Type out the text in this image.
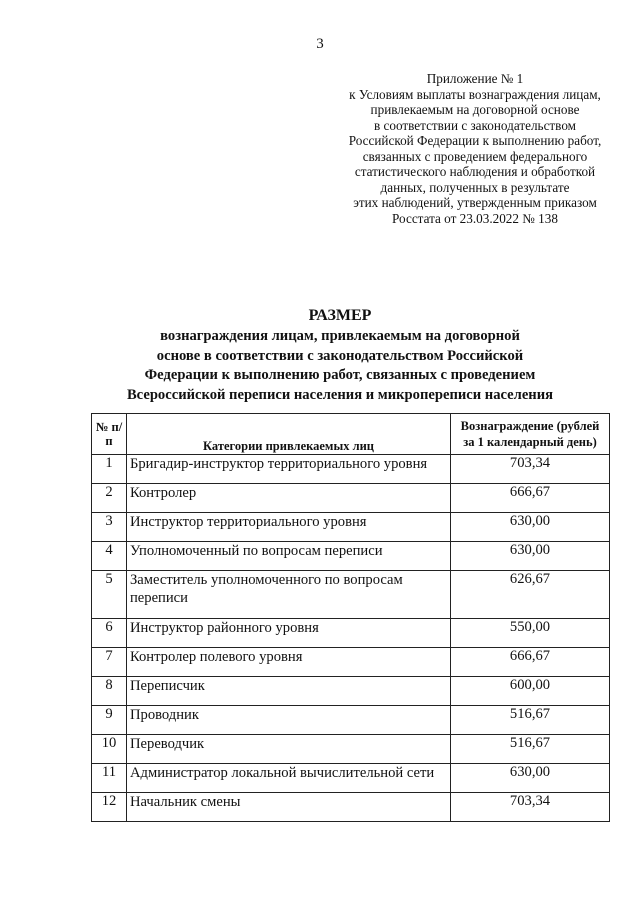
3
Приложение № 1
к Условиям выплаты вознаграждения лицам,
привлекаемым на договорной основе
в соответствии с законодательством
Российской Федерации к выполнению работ,
связанных с проведением федерального
статистического наблюдения и обработкой
данных, полученных в результате
этих наблюдений, утвержденным приказом
Росстата от 23.03.2022 № 138
РАЗМЕР
вознаграждения лицам, привлекаемым на договорной
основе в соответствии с законодательством Российской
Федерации к выполнению работ, связанных с проведением
Всероссийской переписи населения и микропереписи населения
№ п/п	Категории привлекаемых лиц	Вознаграждение (рублей за 1 календарный день)
1	Бригадир-инструктор территориального уровня	703,34
2	Контролер	666,67
3	Инструктор территориального уровня	630,00
4	Уполномоченный по вопросам переписи	630,00
5	Заместитель уполномоченного по вопросам переписи	626,67
6	Инструктор районного уровня	550,00
7	Контролер полевого уровня	666,67
8	Переписчик	600,00
9	Проводник	516,67
10	Переводчик	516,67
11	Администратор локальной вычислительной сети	630,00
12	Начальник смены	703,34
